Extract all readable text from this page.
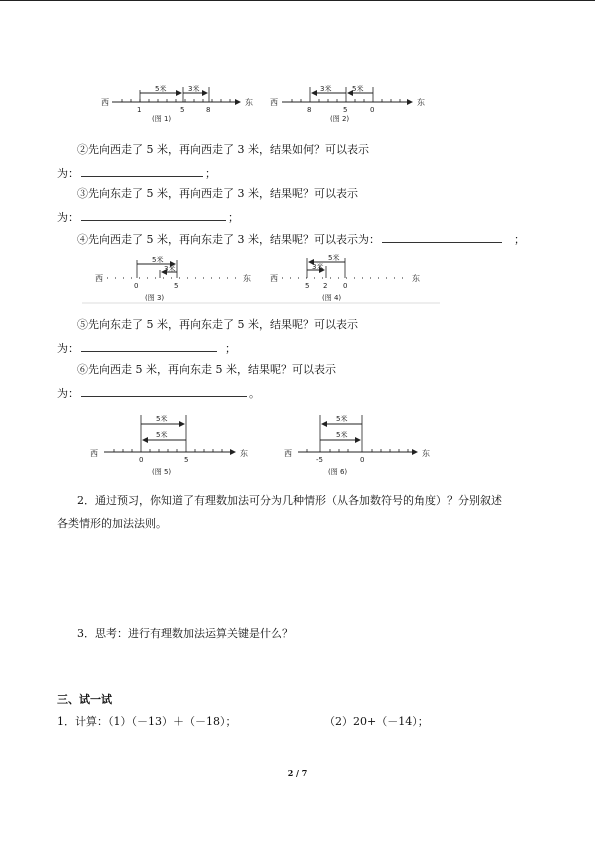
西	东
5米	3米
1	5	8
(图 1)
西	东
3米	5米
8	5	0
(图 2)
西	东
5米
3米
0	5
(图 3)
西	东
3米
5米
5 2 0
(图 4)
西	东
5米
5米
0	5
(图 5)
西	东
5米
5米
-5	0
(图 6)
②先向西走了 5 米，再向西走了 3 米，结果如何？可以表示
为：	；
③先向东走了 5 米，再向西走了 3 米，结果呢？可以表示
为：	；
④先向西走了 5 米，再向东走了 3 米，结果呢？可以表示为：	；
⑤先向东走了 5 米，再向东走了 5 米，结果呢？可以表示
为：	；
⑥先向西走 5 米，再向东走 5 米，结果呢？可以表示
为：	。
2．通过预习，你知道了有理数加法可分为几种情形（从各加数符号的角度）？分别叙述
各类情形的加法法则。
3．思考：进行有理数加法运算关键是什么？
三、试一试
1．计算：（1）（－13）＋（－18）；	（2）20+（－14）；
2 / 7
